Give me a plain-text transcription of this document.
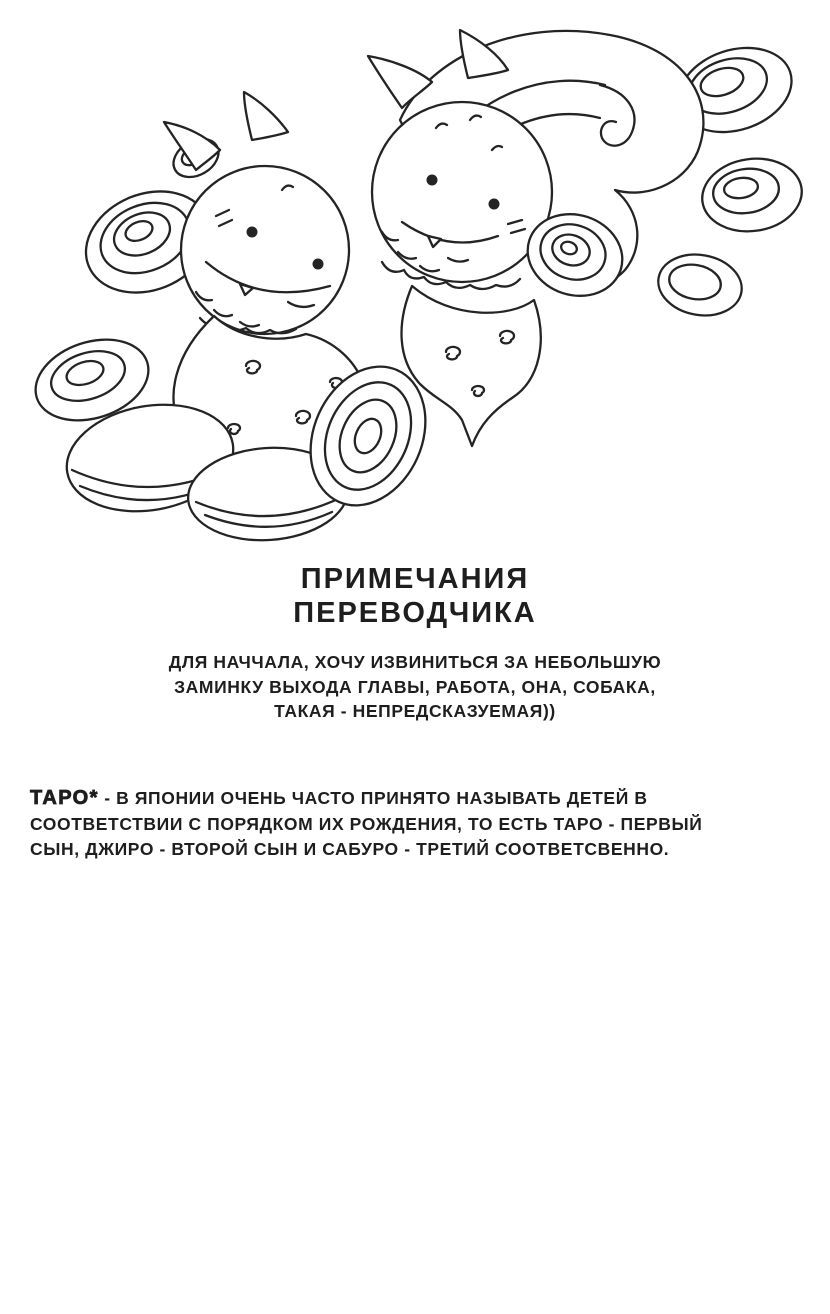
ПРИМЕЧАНИЯ
ПЕРЕВОДЧИКА
ДЛЯ НАЧЧАЛА, ХОЧУ ИЗВИНИТЬСЯ ЗА НЕБОЛЬШУЮ
ЗАМИНКУ ВЫХОДА ГЛАВЫ, РАБОТА, ОНА, СОБАКА,
ТАКАЯ - НЕПРЕДСКАЗУЕМАЯ))
ТАРО* - В ЯПОНИИ ОЧЕНЬ ЧАСТО ПРИНЯТО НАЗЫВАТЬ ДЕТЕЙ В
СООТВЕТСТВИИ С ПОРЯДКОМ ИХ РОЖДЕНИЯ, ТО ЕСТЬ ТАРО - ПЕРВЫЙ
СЫН, ДЖИРО - ВТОРОЙ СЫН И САБУРО - ТРЕТИЙ СООТВЕТСВЕННО.
